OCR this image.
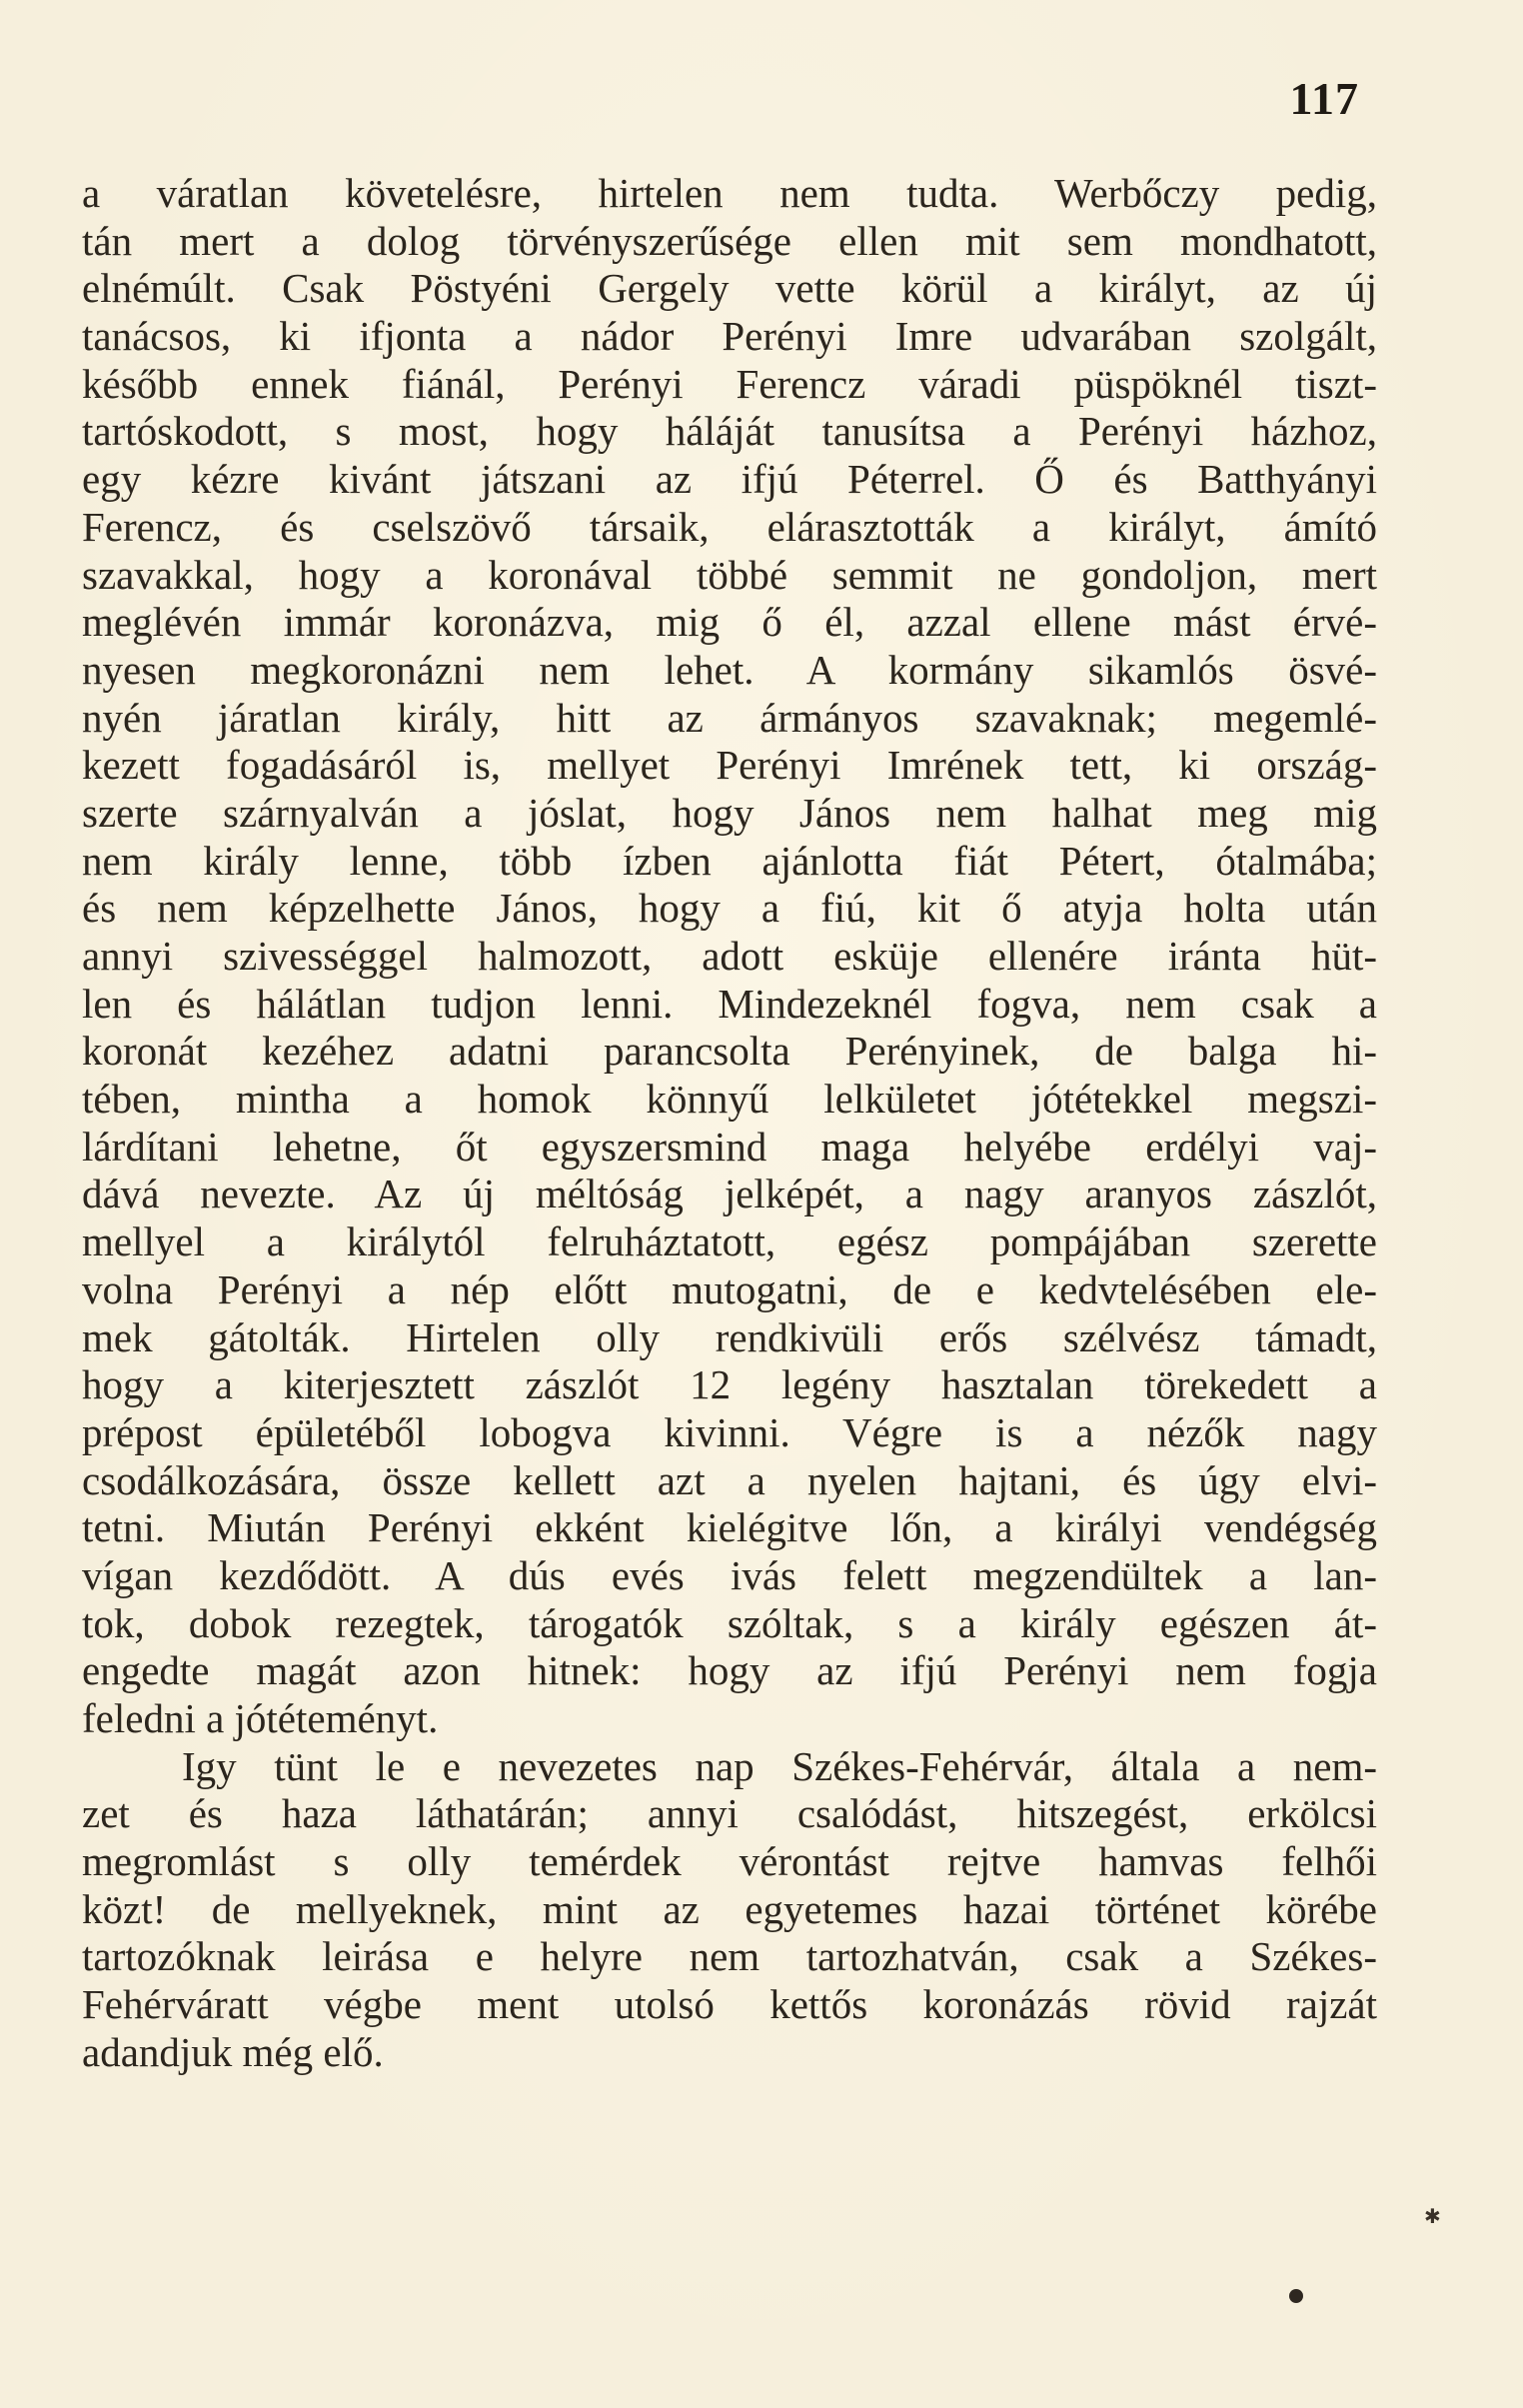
117
a váratlan követelésre, hirtelen nem tudta. Werbőczy pedig,
tán mert a dolog törvényszerűsége ellen mit sem mondhatott,
elnémúlt. Csak Pöstyéni Gergely vette körül a királyt, az új
tanácsos, ki ifjonta a nádor Perényi Imre udvarában szolgált,
később ennek fiánál, Perényi Ferencz váradi püspöknél tiszt-
tartóskodott, s most, hogy háláját tanusítsa a Perényi házhoz,
egy kézre kivánt játszani az ifjú Péterrel. Ő és Batthyányi
Ferencz, és cselszövő társaik, elárasztották a királyt, ámító
szavakkal, hogy a koronával többé semmit ne gondoljon, mert
meglévén immár koronázva, mig ő él, azzal ellene mást érvé-
nyesen megkoronázni nem lehet. A kormány sikamlós ösvé-
nyén járatlan király, hitt az ármányos szavaknak; megemlé-
kezett fogadásáról is, mellyet Perényi Imrének tett, ki ország-
szerte szárnyalván a jóslat, hogy János nem halhat meg mig
nem király lenne, több ízben ajánlotta fiát Pétert, ótalmába;
és nem képzelhette János, hogy a fiú, kit ő atyja holta után
annyi szivességgel halmozott, adott esküje ellenére iránta hüt-
len és hálátlan tudjon lenni. Mindezeknél fogva, nem csak a
koronát kezéhez adatni parancsolta Perényinek, de balga hi-
tében, mintha a homok könnyű lelkületet jótétekkel megszi-
lárdítani lehetne, őt egyszersmind maga helyébe erdélyi vaj-
dává nevezte. Az új méltóság jelképét, a nagy aranyos zászlót,
mellyel a királytól felruháztatott, egész pompájában szerette
volna Perényi a nép előtt mutogatni, de e kedvtelésében ele-
mek gátolták. Hirtelen olly rendkivüli erős szélvész támadt,
hogy a kiterjesztett zászlót 12 legény hasztalan törekedett a
prépost épületéből lobogva kivinni. Végre is a nézők nagy
csodálkozására, össze kellett azt a nyelen hajtani, és úgy elvi-
tetni. Miután Perényi ekként kielégitve lőn, a királyi vendégség
vígan kezdődött. A dús evés ivás felett megzendültek a lan-
tok, dobok rezegtek, tárogatók szóltak, s a király egészen át-
engedte magát azon hitnek: hogy az ifjú Perényi nem fogja
feledni a jótéteményt.
Igy tünt le e nevezetes nap Székes-Fehérvár, általa a nem-
zet és haza láthatárán; annyi csalódást, hitszegést, erkölcsi
megromlást s olly temérdek vérontást rejtve hamvas felhői
közt! de mellyeknek, mint az egyetemes hazai történet körébe
tartozóknak leirása e helyre nem tartozhatván, csak a Székes-
Fehérváratt végbe ment utolsó kettős koronázás rövid rajzát
adandjuk még elő.
✱
